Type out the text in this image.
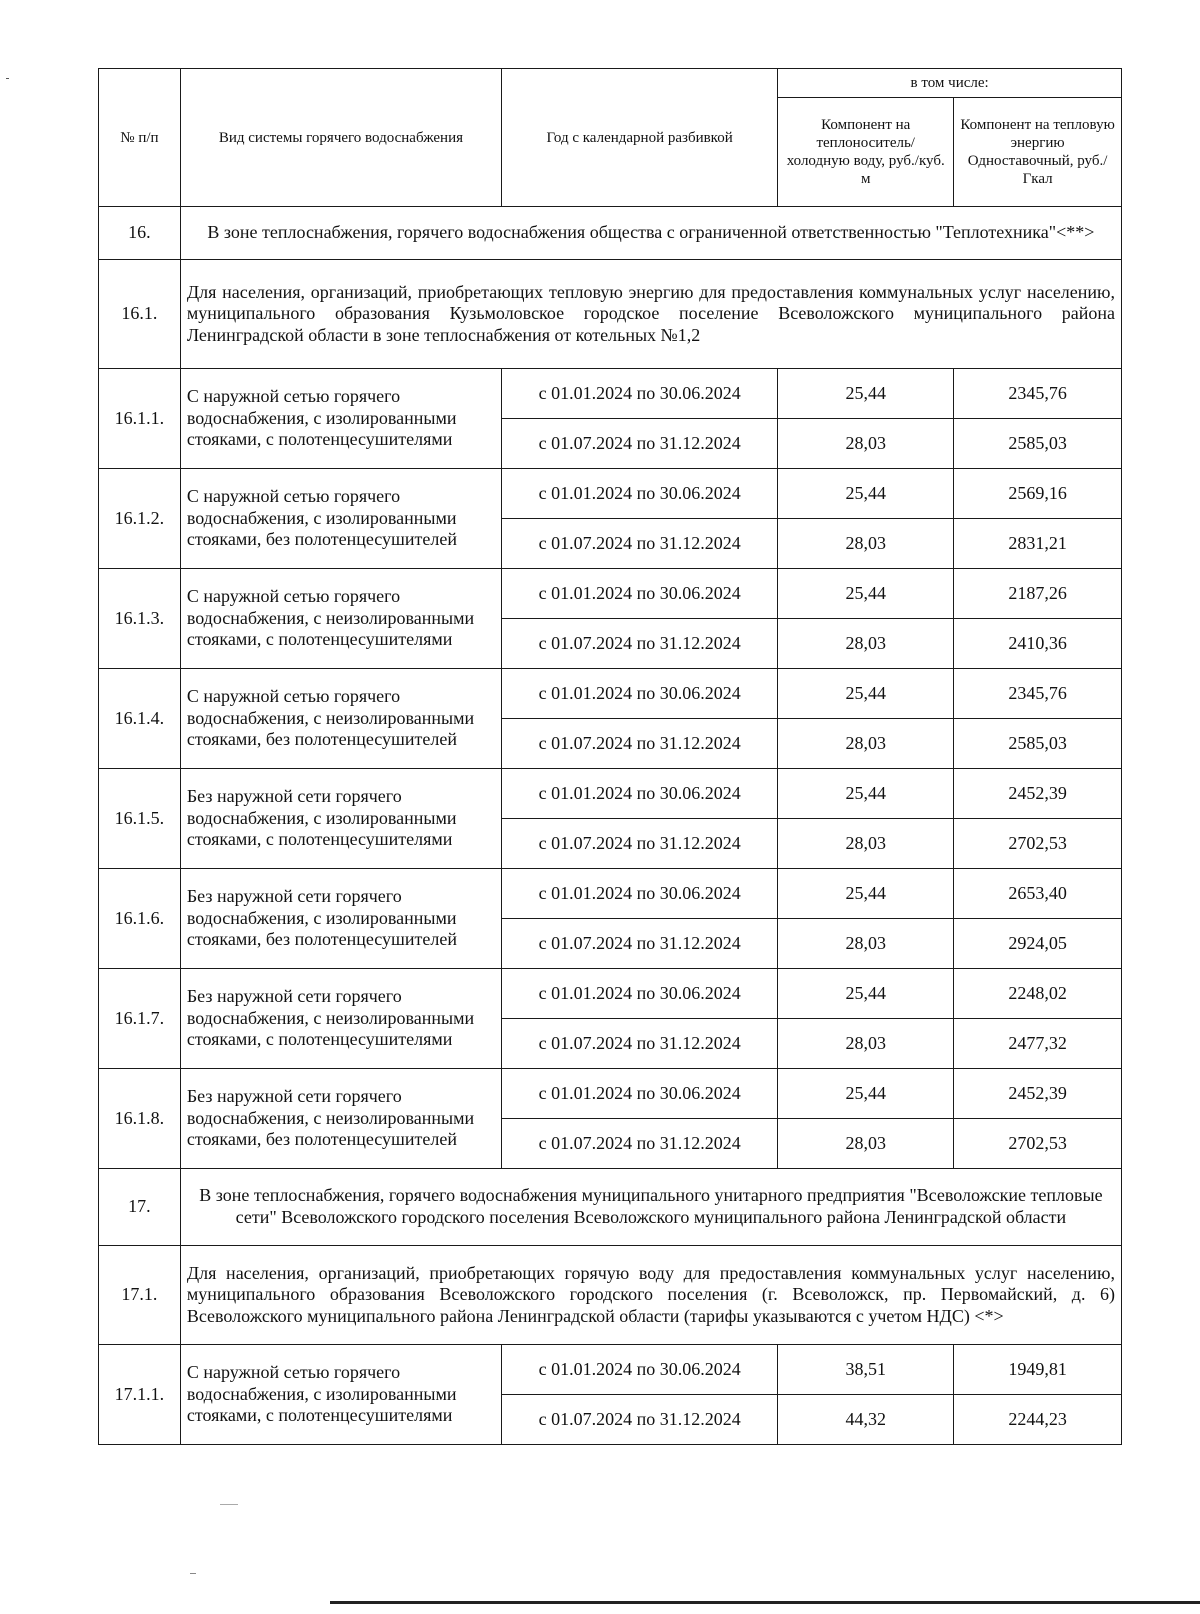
№ п/п	Вид системы горячего водоснабжения	Год с календарной разбивкой	в том числе:	
			Компонент на теплоноситель/ холодную воду, руб./куб. м	Компонент на тепловую энергию Одноставочный, руб./Гкал
16.	В зоне теплоснабжения, горячего водоснабжения общества с ограниченной ответственностью "Теплотехника"<**>			
16.1.	Для населения, организаций, приобретающих тепловую энергию для предоставления коммунальных услуг населению, муниципального образования Кузьмоловское городское поселение Всеволожского муниципального района Ленинградской области в зоне теплоснабжения от котельных №1,2			
16.1.1.	С наружной сетью горячего водоснабжения, с изолированными стояками, с полотенцесушителями	с 01.01.2024 по 30.06.2024	25,44	2345,76
		с 01.07.2024 по 31.12.2024	28,03	2585,03
16.1.2.	С наружной сетью горячего водоснабжения, с изолированными стояками, без полотенцесушителей	с 01.01.2024 по 30.06.2024	25,44	2569,16
		с 01.07.2024 по 31.12.2024	28,03	2831,21
16.1.3.	С наружной сетью горячего водоснабжения, с неизолированными стояками, с полотенцесушителями	с 01.01.2024 по 30.06.2024	25,44	2187,26
		с 01.07.2024 по 31.12.2024	28,03	2410,36
16.1.4.	С наружной сетью горячего водоснабжения, с неизолированными стояками, без полотенцесушителей	с 01.01.2024 по 30.06.2024	25,44	2345,76
		с 01.07.2024 по 31.12.2024	28,03	2585,03
16.1.5.	Без наружной сети горячего водоснабжения, с изолированными стояками, с полотенцесушителями	с 01.01.2024 по 30.06.2024	25,44	2452,39
		с 01.07.2024 по 31.12.2024	28,03	2702,53
16.1.6.	Без наружной сети горячего водоснабжения, с изолированными стояками, без полотенцесушителей	с 01.01.2024 по 30.06.2024	25,44	2653,40
		с 01.07.2024 по 31.12.2024	28,03	2924,05
16.1.7.	Без наружной сети горячего водоснабжения, с неизолированными стояками, с полотенцесушителями	с 01.01.2024 по 30.06.2024	25,44	2248,02
		с 01.07.2024 по 31.12.2024	28,03	2477,32
16.1.8.	Без наружной сети горячего водоснабжения, с неизолированными стояками, без полотенцесушителей	с 01.01.2024 по 30.06.2024	25,44	2452,39
		с 01.07.2024 по 31.12.2024	28,03	2702,53
17.	В зоне теплоснабжения, горячего водоснабжения муниципального унитарного предприятия "Всеволожские тепловые сети" Всеволожского городского поселения Всеволожского муниципального района Ленинградской области			
17.1.	Для населения, организаций, приобретающих горячую воду для предоставления коммунальных услуг населению, муниципального образования Всеволожского городского поселения (г. Всеволожск, пр. Первомайский, д. 6) Всеволожского муниципального района Ленинградской области (тарифы указываются с учетом НДС) <*>			
17.1.1.	С наружной сетью горячего водоснабжения, с изолированными стояками, с полотенцесушителями	с 01.01.2024 по 30.06.2024	38,51	1949,81
		с 01.07.2024 по 31.12.2024	44,32	2244,23
